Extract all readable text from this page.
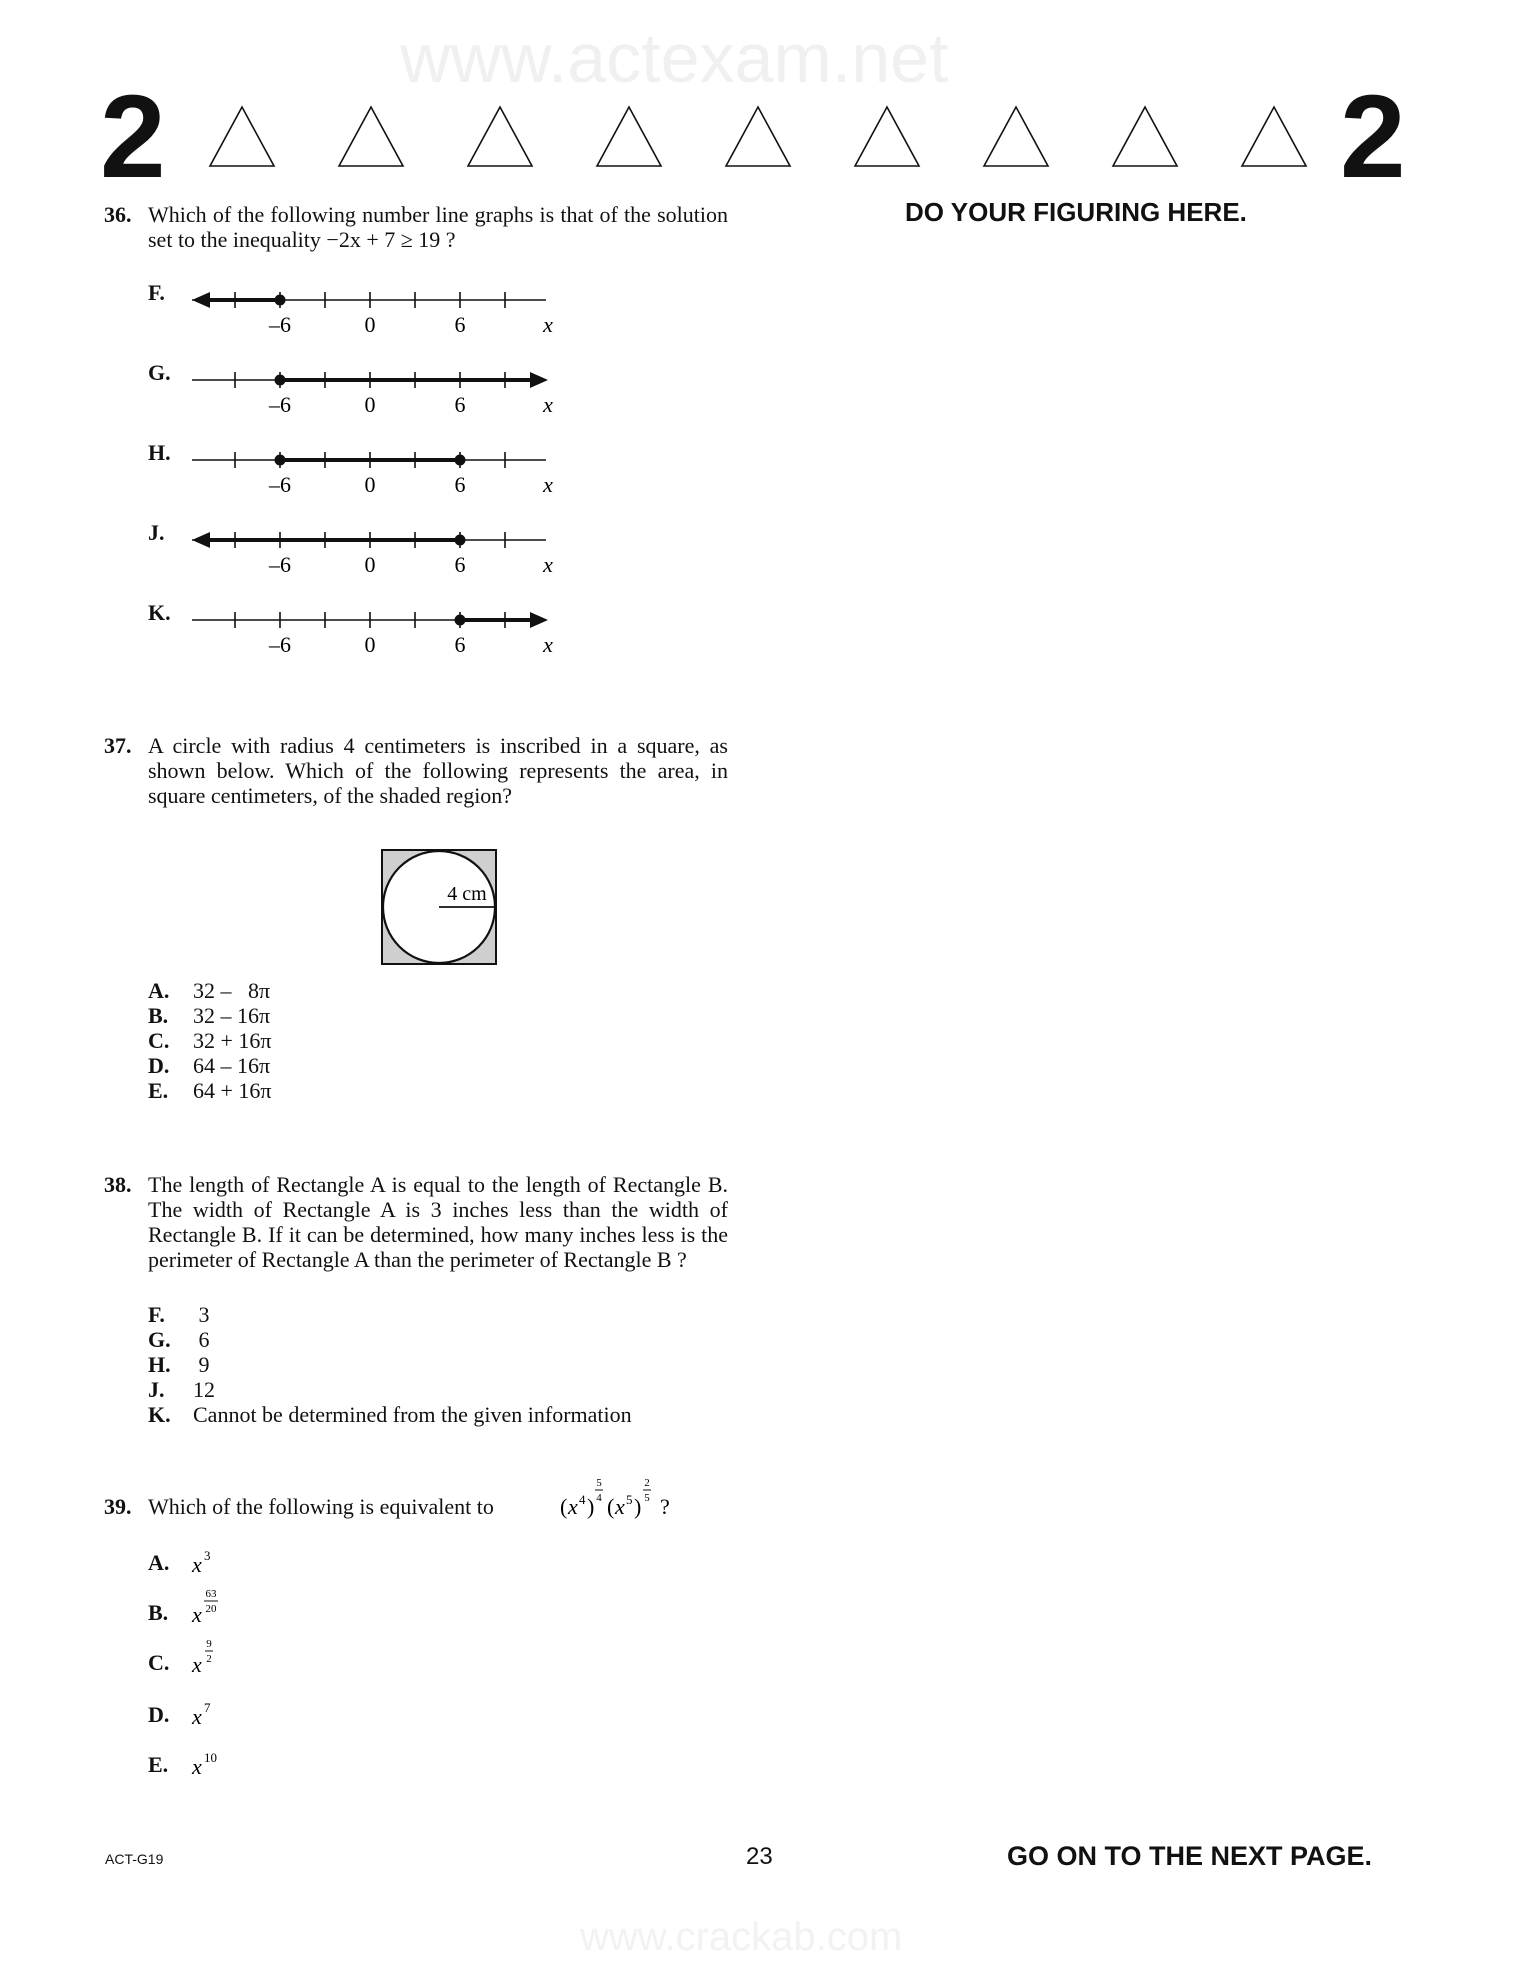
www.actexam.net
www.crackab.com
2	2
DO YOUR FIGURING HERE.
36. Which of the following number line graphs is that of the solution set to the inequality −2x + 7 ≥ 19 ?
F.
–6	0	6	x
G.
–6	0	6	x
H.
–6	0	6	x
J.
–6	0	6	x
K.
–6	0	6	x
37. A circle with radius 4 centimeters is inscribed in a square, as shown below. Which of the following represents the area, in square centimeters, of the shaded region?
4 cm
A. 32 –   8π
B. 32 – 16π
C. 32 + 16π
D. 64 – 16π
E. 64 + 16π
38. The length of Rectangle A is equal to the length of Rectangle B. The width of Rectangle A is 3 inches less than the width of Rectangle B. If it can be determined, how many inches less is the perimeter of Rectangle A than the perimeter of Rectangle B ?
F. 3
G. 6
H. 9
J. 12
K. Cannot be determined from the given information
39. Which of the following is equivalent to	( x 4 )
5
4 ( x 5 )
2
5 ?
A. x 3
B. x
63
20
C. x
9
2
D. x 7
E. x 10
ACT-G19	23	GO ON TO THE NEXT PAGE.
